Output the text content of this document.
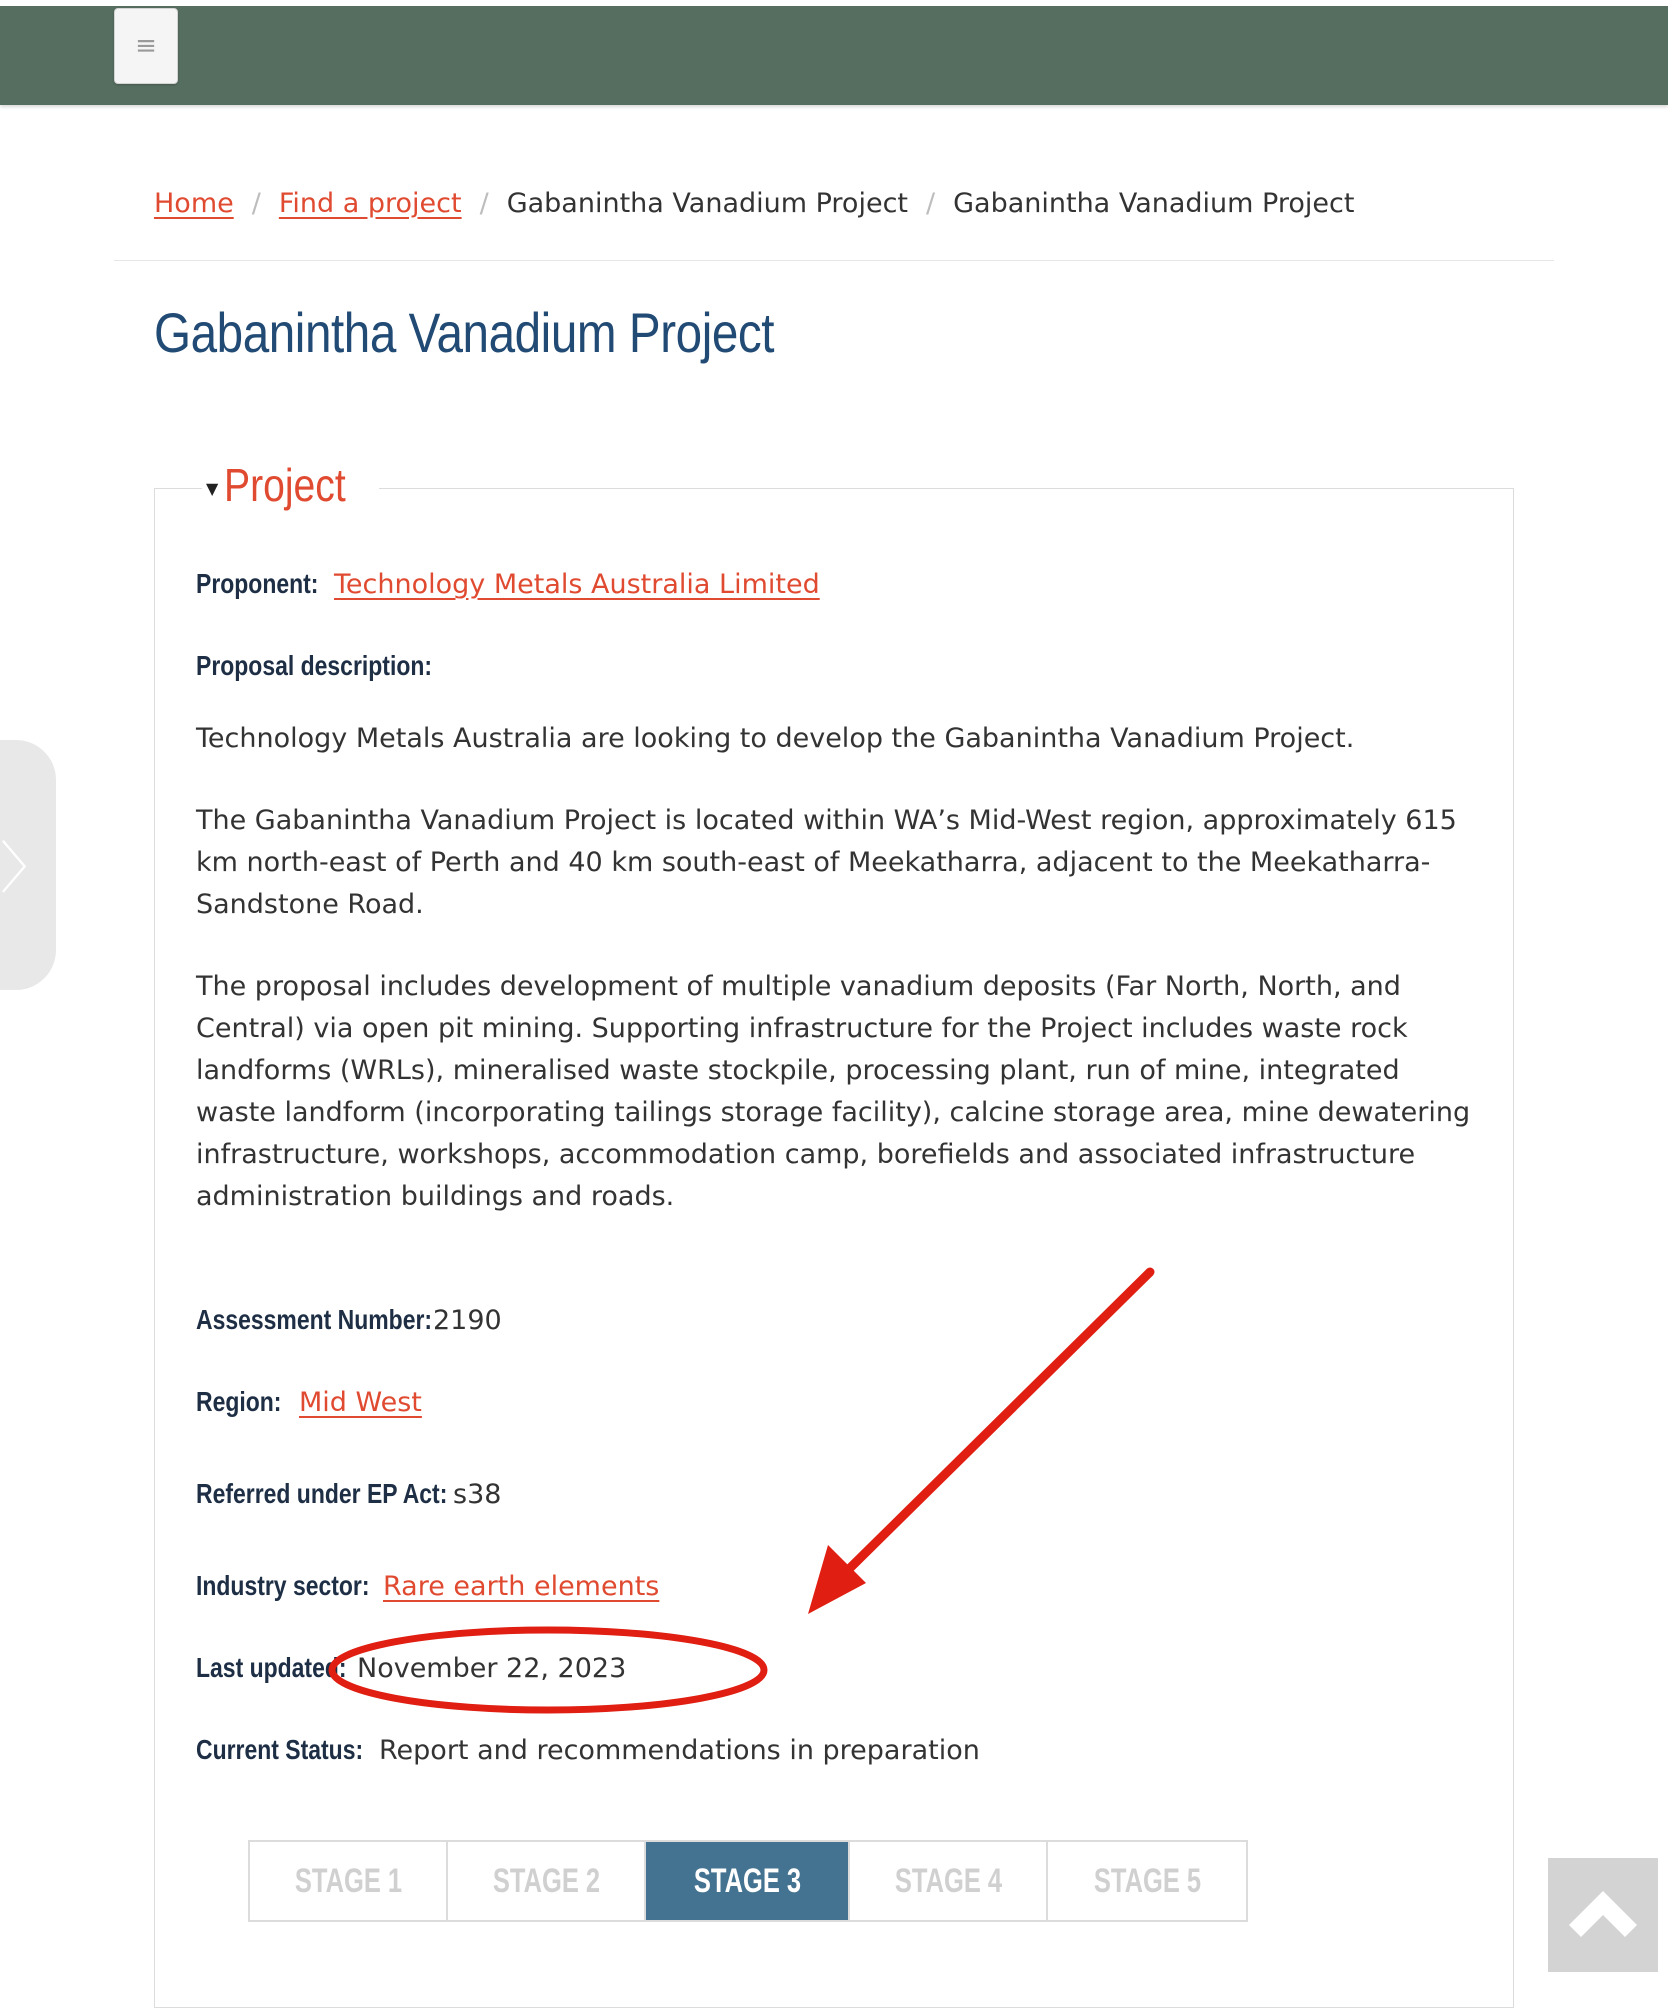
≡
Home / Find a project / Gabanintha Vanadium Project / Gabanintha Vanadium Project
Gabanintha Vanadium Project
〉
▼ Project
Proponent: Technology Metals Australia Limited
Proposal description:

Technology Metals Australia are looking to develop the Gabanintha Vanadium Project.

The Gabanintha Vanadium Project is located within WA’s Mid-West region, approximately 615 km north-east of Perth and 40 km south-east of Meekatharra, adjacent to the Meekatharra-Sandstone Road.

The proposal includes development of multiple vanadium deposits (Far North, North, and Central) via open pit mining. Supporting infrastructure for the Project includes waste rock landforms (WRLs), mineralised waste stockpile, processing plant, run of mine, integrated waste landform (incorporating tailings storage facility), calcine storage area, mine dewatering infrastructure, workshops, accommodation camp, borefields and associated infrastructure administration buildings and roads.

Assessment Number: 2190
Region: Mid West
Referred under EP Act: s38
Industry sector: Rare earth elements
Last updated: November 22, 2023
Current Status: Report and recommendations in preparation
STAGE 1	STAGE 2	STAGE 3	STAGE 4	STAGE 5
